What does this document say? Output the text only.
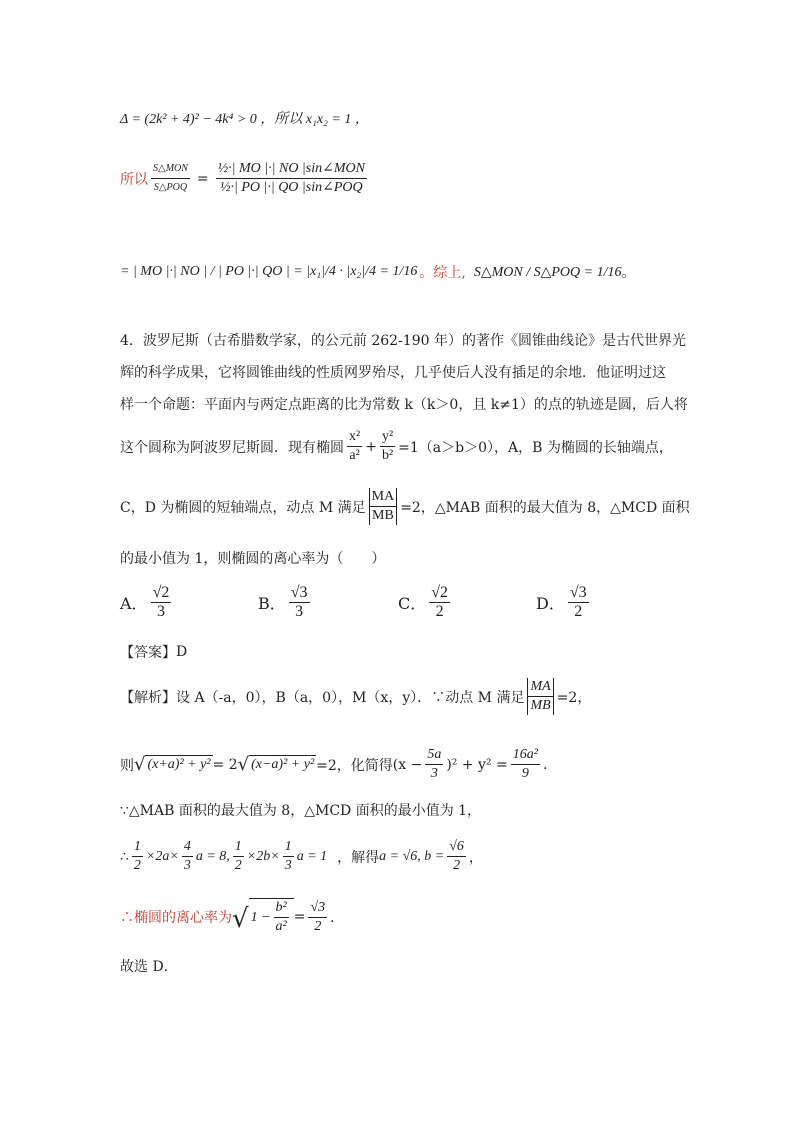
Δ = (2k² + 4)² − 4k⁴ > 0 ，所以 x₁x₂ = 1 ，
所以 $\frac{\text{S△MON}}{\text{S△POQ}} = \frac{\text{½·| MO |·| NO |sin∠MON}}{\text{½·| PO |·| QO |sin∠POQ}}$
= | MO |·| NO | / | PO |·| QO | = |x₁|/4 · |x₂|/4 = 1/16 。综上, S△MON / S△POQ = 1/16 。
4．波罗尼斯（古希腊数学家，的公元前 262-190 年）的著作《圆锥曲线论》是古代世界光
辉的科学成果，它将圆锥曲线的性质网罗殆尽，几乎使后人没有插足的余地．他证明过这
样一个命题：平面内与两定点距离的比为常数 k（k＞0，且 k≠1）的点的轨迹是圆，后人将
这个圆称为阿波罗尼斯圆．现有椭圆 $\frac{\text{x²}}{\text{a²}} + \frac{\text{y²}}{\text{b²}} =1(a>b>0)$，A，B 为椭圆的长轴端点，
C，D 为椭圆的短轴端点，动点 M 满足 $\frac{MA}{MB} =2$，△MAB 面积的最大值为 8，△MCD 面积
的最小值为 1，则椭圆的离心率为（　　）
A． $\frac{√2}{3}$	B． $\frac{√3}{3}$	C． $\frac{√2}{2}$	D． $\frac{√3}{2}$
【答案】 D
【解析】 设 A（-a，0），B（a，0），M（x，y）．∵动点 M 满足 $\frac{MA}{MB} =2$，
则 √ (x+a)² + y² = 2 √ (x−a)² + y² =2，化简得 $(x - \frac{5a}{3} )^2 + y^2 = \frac{\text{16a²}}{9}$ .
∵△MAB 面积的最大值为 8，△MCD 面积的最小值为 1，
∴ $\frac{1}{2} \times 2a\times \frac{4}{3}$ a = 8, $\frac{1}{2} \times 2b\times \frac{1}{3}$ a = 1 ，解得 a = √6, $b = \frac{√6}{2}$ ，
∴椭圆的离心率为 √ $1 - \frac{\text{b²}}{\text{a²}} = \frac{√3}{2}$ ．
故选 D．
